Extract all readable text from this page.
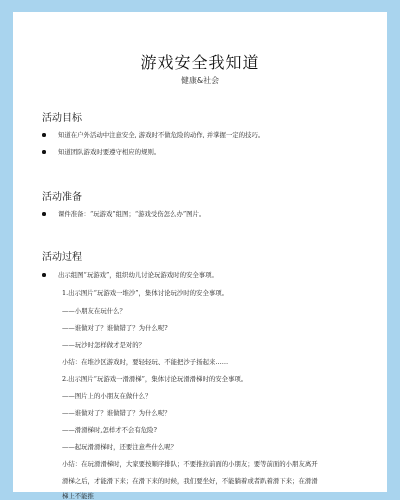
游戏安全我知道
健康&社会
活动目标
知道在户外活动中注意安全, 游戏时不做危险的动作, 并掌握一定的技巧。
知道团队游戏时要遵守相应的规则。
活动准备
课件准备：“玩游戏”组图；“游戏受伤怎么办”图片。
活动过程
出示组图“玩游戏”，组织幼儿讨论玩游戏时的安全事项。
1.出示图片“玩游戏一堆沙”，集体讨论玩沙时的安全事项。
——小朋友在玩什么？
——谁做对了？谁做错了？为什么呢?
——玩沙时怎样做才是对的？
小结：在堆沙区游戏时，要轻轻玩、不能把沙子扬起来……
2.出示图片“玩游戏一滑滑梯”，集体讨论玩滑滑梯时的安全事项。
——图片上的小朋友在做什么？
——谁做对了？谁做错了？为什么呢？
——滑滑梯时,怎样才不会有危险?
——起玩滑滑梯时，还要注意些什么呢？
小结：在玩滑滑梯时，大家要按顺序排队；不要推拉前面的小朋友；要等前面的小朋友离开
滑梯之后，才能滑下来；在滑下来的时候，我们要坐好，不能躺着或者趴着滑下来；在滑滑
梯上不能推
